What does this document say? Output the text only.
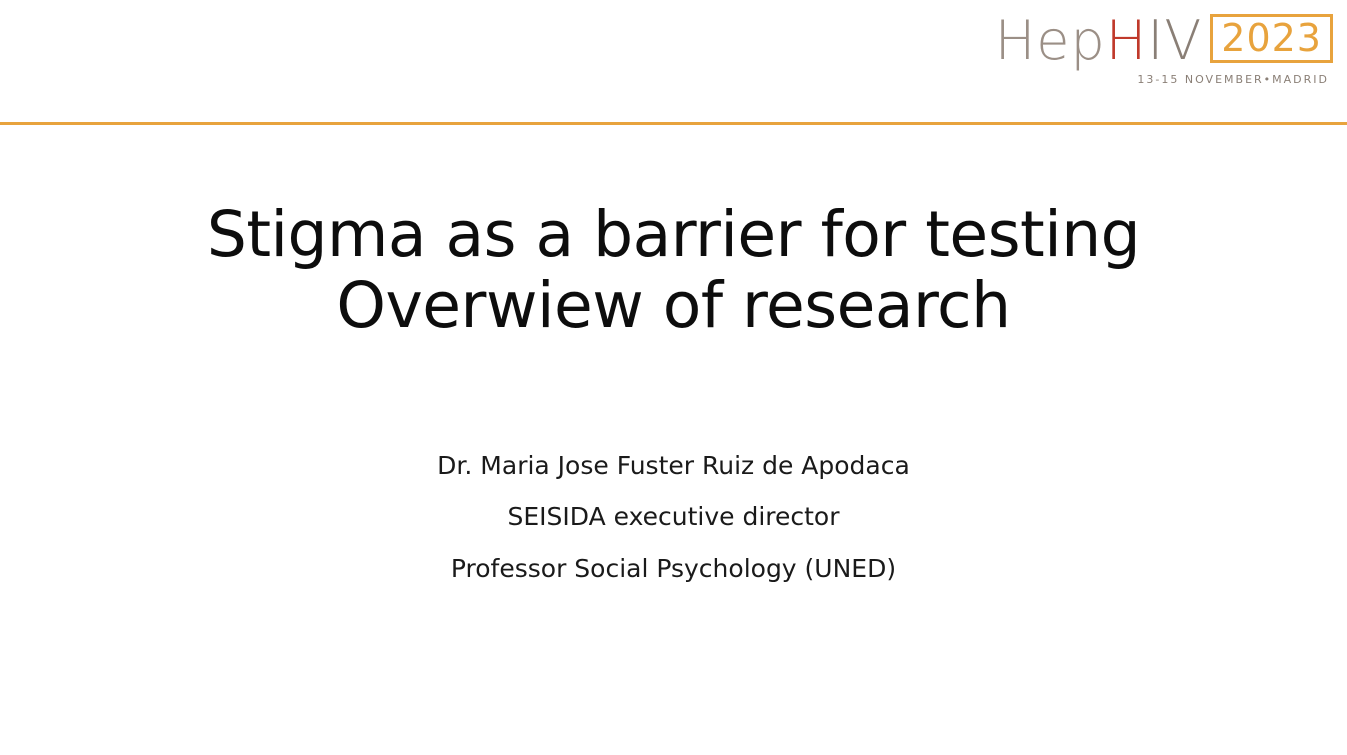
Hep H IV 2023
13-15 NOVEMBER•MADRID
Stigma as a barrier for testing
Overwiew of research
Dr. Maria Jose Fuster Ruiz de Apodaca
SEISIDA executive director
Professor Social Psychology (UNED)
